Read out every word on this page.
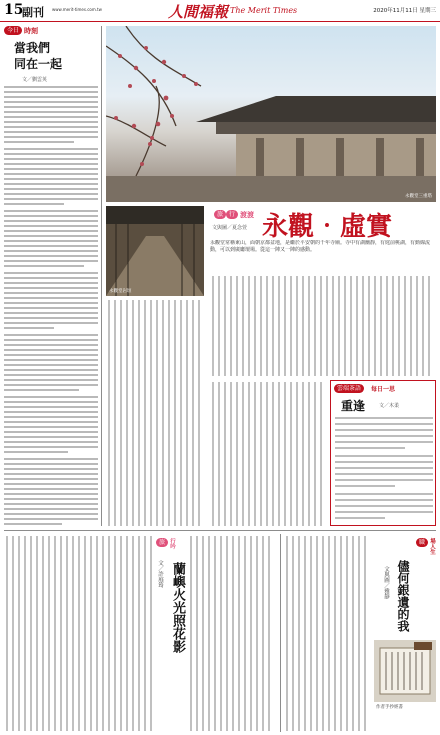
15
副刊 www.merit-times.com.tw	人間福報 The Merit Times	2020年11月11日 星期三
今日 時刻
當我們
同在一起
文／劉雲英
永觀堂三重塔
永觀堂岩垣
旅 行 渡渡
文與圖／夏念萱 永觀‧虛實
永觀堂常稱東山，面朝京都盆地，是繼於平安朝的千年寺廟。寺中有湖幽靜，有庭前桃湖，有動線流動，可以到廣廳壇場。從這一陣又一陣的感動。
雲端茶語	每日一思
重逢	文／木柔
旅 行吟
蘭嶼火光照花影
文／許庭筠
職 場人生
儘何銀遺的我
文與圖／雅靜
作者手抄經書
